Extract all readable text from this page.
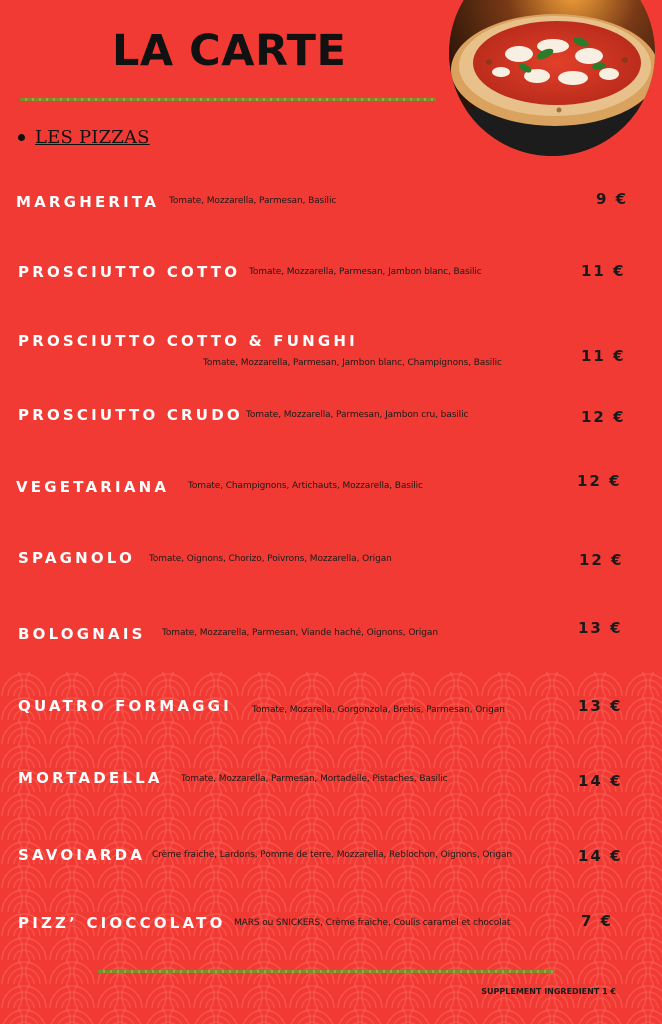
LA CARTE
LES PIZZAS
MARGHERITA Tomate, Mozzarella, Parmesan, Basilic	9 €
PROSCIUTTO COTTO Tomate, Mozzarella, Parmesan, Jambon blanc, Basilic	11 €
PROSCIUTTO COTTO & FUNGHI
Tomate, Mozzarella, Parmesan, Jambon blanc, Champignons, Basilic	11 €
PROSCIUTTO CRUDO Tomate, Mozzarella, Parmesan, Jambon cru, basilic	12 €
VEGETARIANA Tomate, Champignons, Artichauts, Mozzarella, Basilic	12 €
SPAGNOLO Tomate, Oignons, Chorizo, Poivrons, Mozzarella, Origan	12 €
BOLOGNAIS Tomate, Mozzarella, Parmesan, Viande haché, Oignons, Origan	13 €
QUATRO FORMAGGI Tomate, Mozarella, Gorgonzola, Brebis, Parmesan, Origan	13 €
MORTADELLA Tomate, Mozzarella, Parmesan, Mortadelle, Pistaches, Basilic	14 €
SAVOIARDA Crème fraiche, Lardons, Pomme de terre, Mozzarella, Reblochon, Oignons, Origan	14 €
PIZZ’ CIOCCOLATO MARS ou SNICKERS, Crème fraiche, Coulis caramel et chocolat	7 €
SUPPLEMENT INGREDIENT 1 €
